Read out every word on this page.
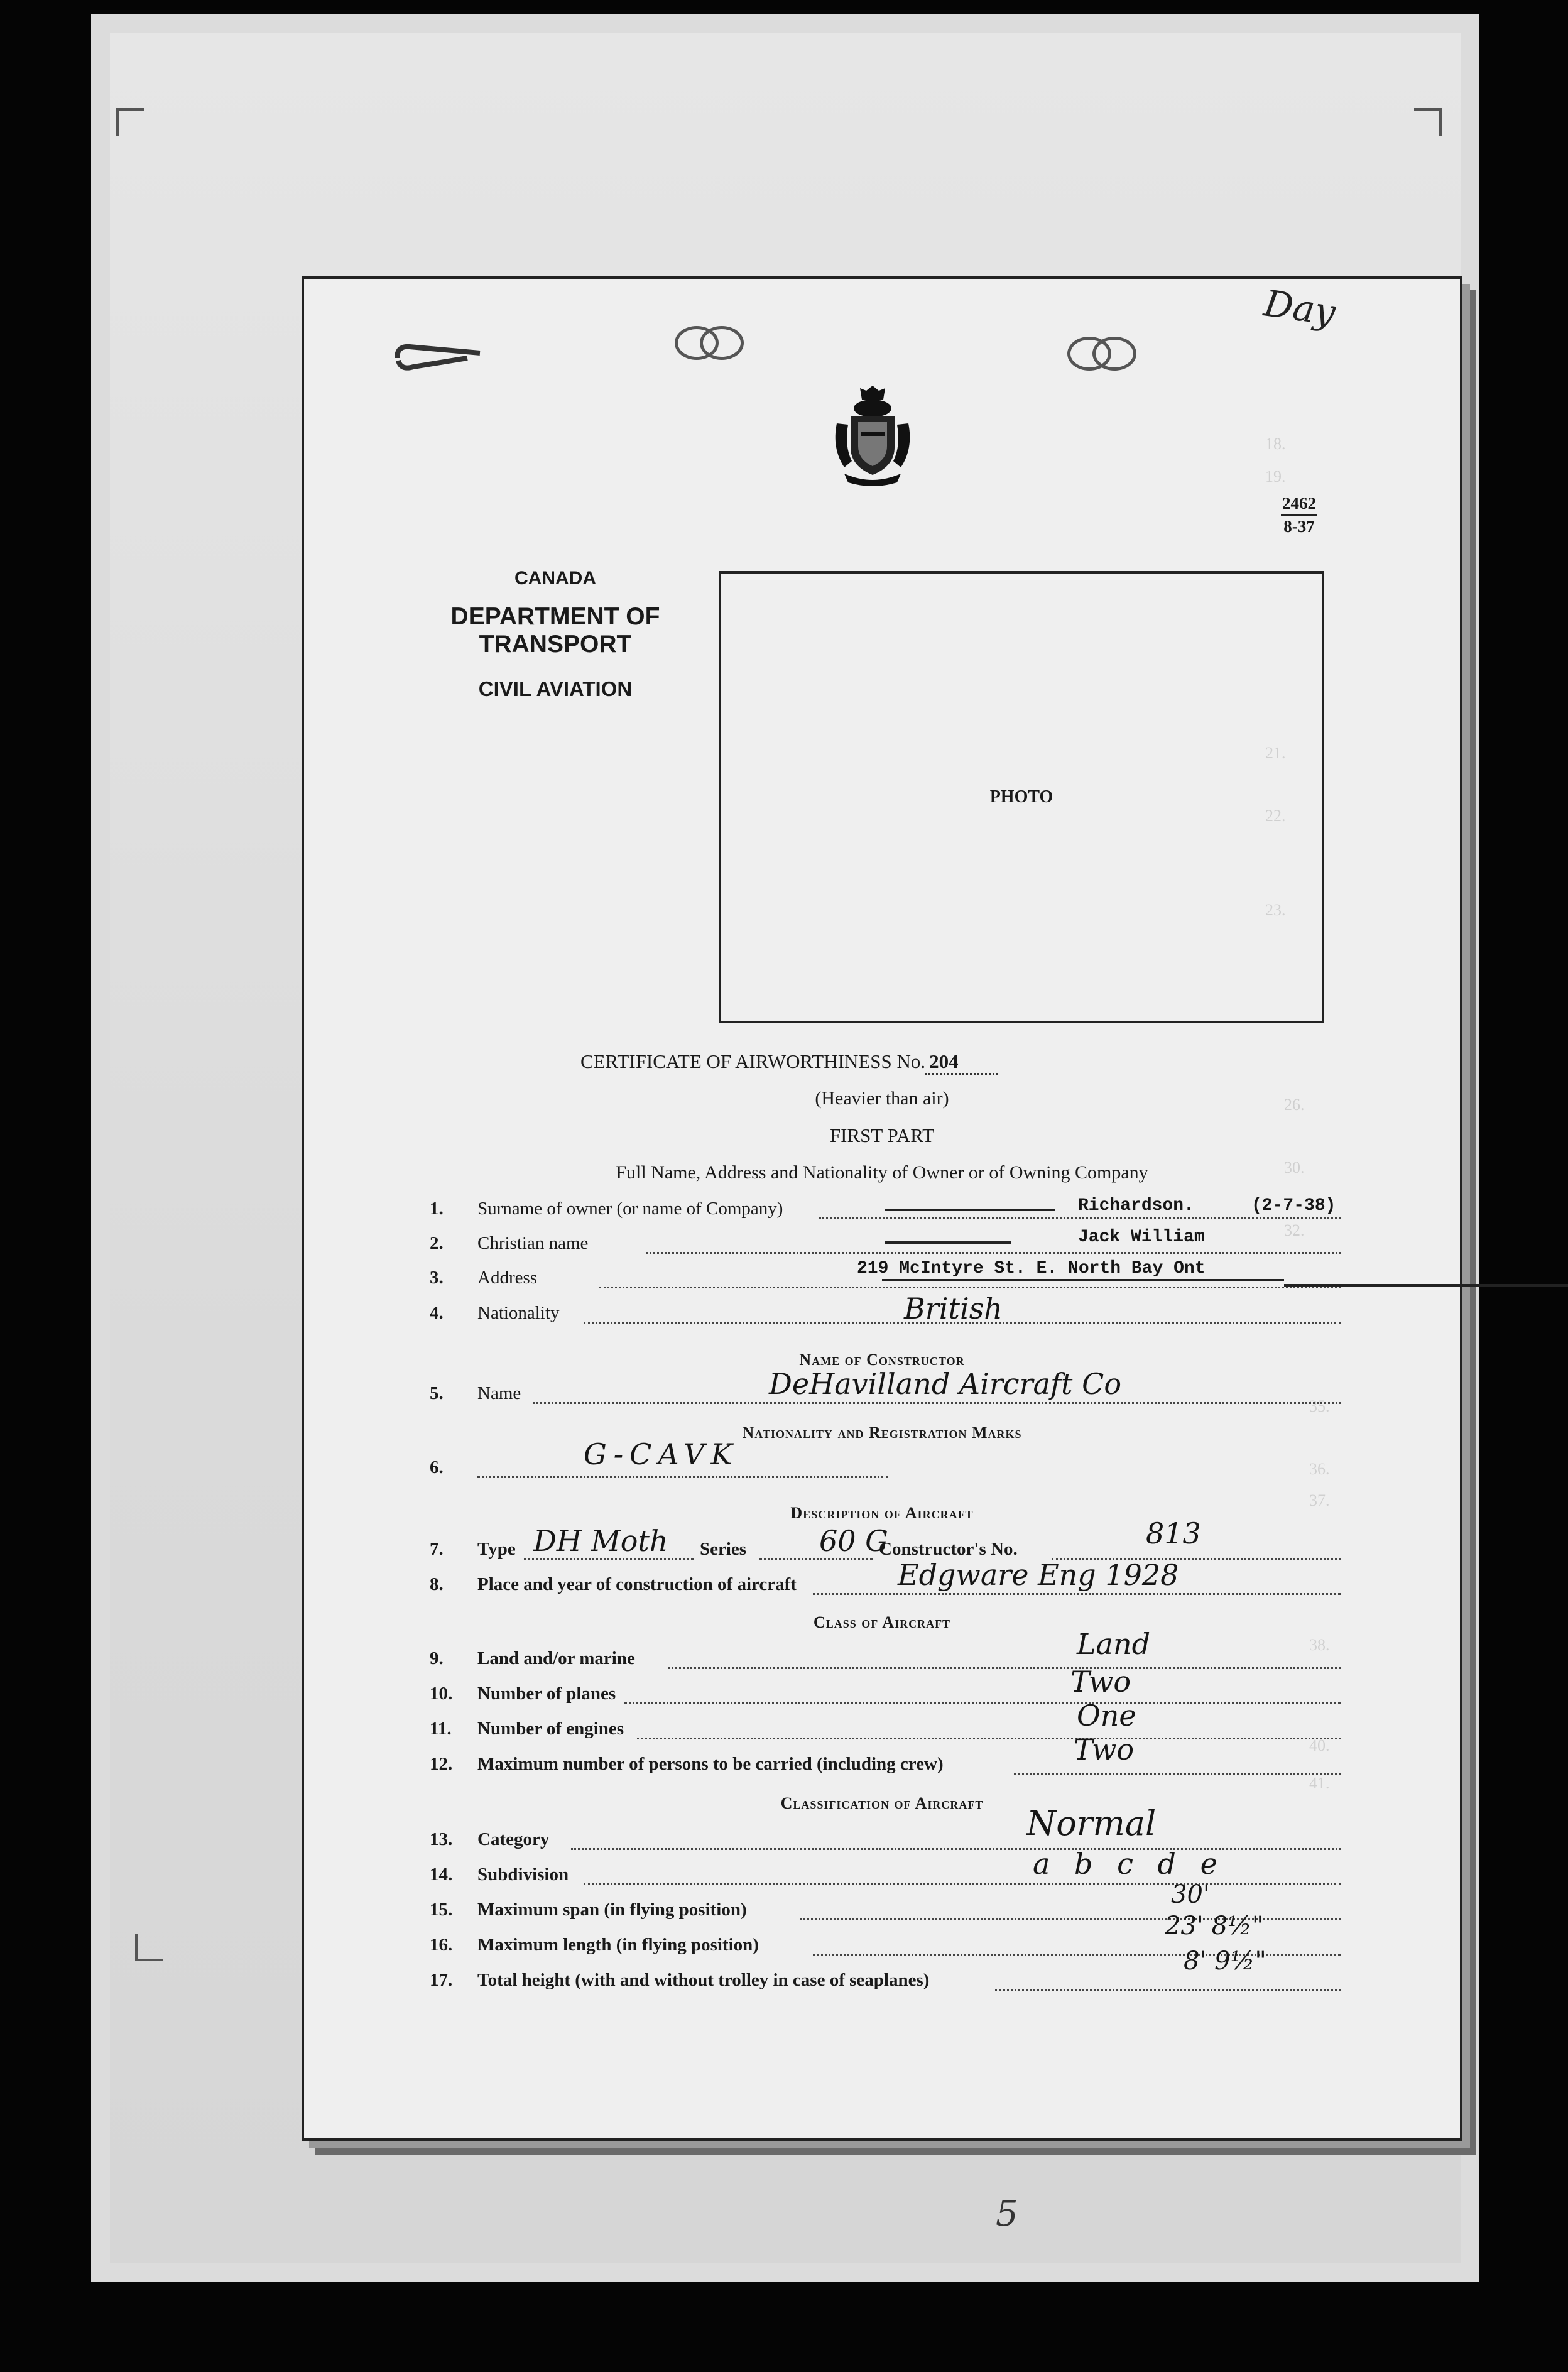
5
18.
19.
21.
22.
23.
26.
30.
32.
35.
36.
37.
38.
40.
41.
Day
2462
8-37
CANADA
DEPARTMENT OF TRANSPORT
CIVIL AVIATION
PHOTO
CERTIFICATE OF AIRWORTHINESS No. 204
(Heavier than air)
FIRST PART
Full Name, Address and Nationality of Owner or of Owning Company
1.	Surname of owner (or name of Company)	Richardson.	(2-7-38)
2.	Christian name	Jack William
3.	Address	219 McIntyre St. E. North Bay Ont
4.	Nationality	British
Name of Constructor
5.	Name	DeHavilland Aircraft Co
Nationality and Registration Marks
6.	G-CAVK
Description of Aircraft
7.	Type	Series	Constructor's No.
DH Moth	60 G	813
8.	Place and year of construction of aircraft	Edgware Eng 1928
Class of Aircraft
9.	Land and/or marine	Land
10.	Number of planes	Two
11.	Number of engines	One
12.	Maximum number of persons to be carried (including crew)	Two
Classification of Aircraft
13.	Category	Normal
14.	Subdivision	a b c d e
15.	Maximum span (in flying position)
30'
16.	Maximum length (in flying position)
23' 8½"
17.	Total height (with and without trolley in case of seaplanes)
8' 9½"
